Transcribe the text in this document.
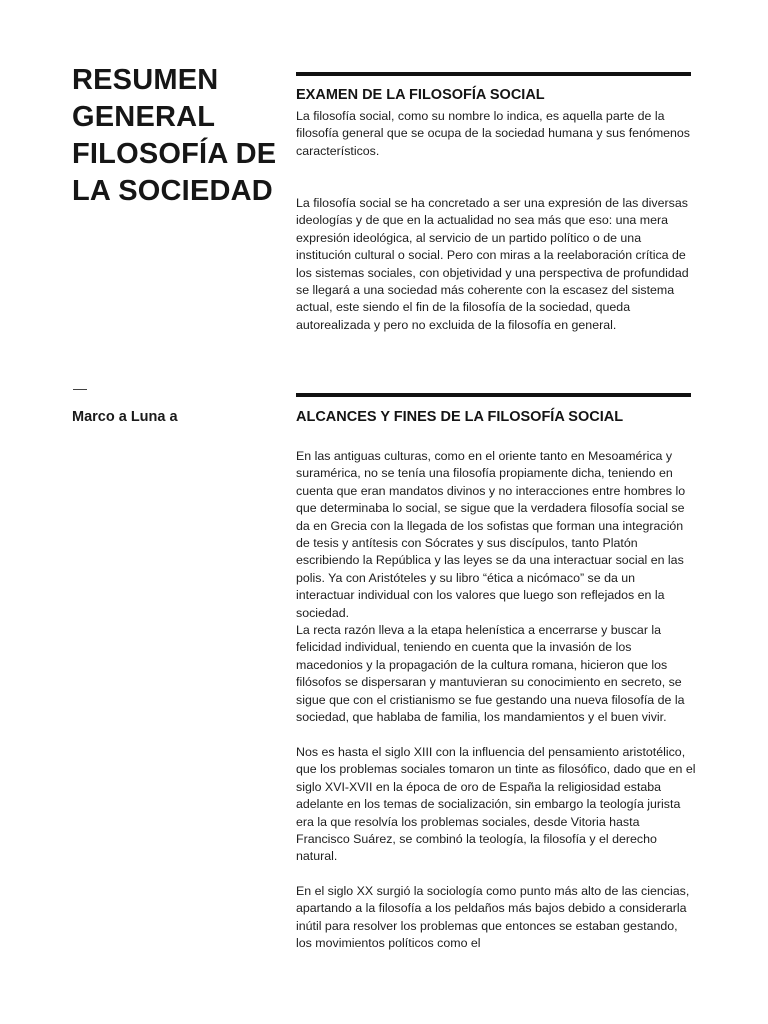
RESUMEN GENERAL FILOSOFÍA DE LA SOCIEDAD
—
Marco a Luna a
EXAMEN DE LA FILOSOFÍA SOCIAL

La filosofía social, como su nombre lo indica, es aquella parte de la filosofía general que se ocupa de la sociedad humana y sus fenómenos característicos.

La filosofía social se ha concretado a ser una expresión de las diversas ideologías y de que en la actualidad no sea más que eso: una mera expresión ideológica, al servicio de un partido político o de una institución cultural o social. Pero con miras a la reelaboración crítica de los sistemas sociales, con objetividad y una perspectiva de profundidad se llegará a una sociedad más coherente con la escasez del sistema actual, este siendo el fin de la filosofía de la sociedad, queda autorealizada y pero no excluida de la filosofía en general.

ALCANCES Y FINES DE LA FILOSOFÍA SOCIAL

En las antiguas culturas, como en el oriente tanto en Mesoamérica y suramérica, no se tenía una filosofía propiamente dicha, teniendo en cuenta que eran mandatos divinos y no interacciones entre hombres lo que determinaba lo social, se sigue que la verdadera filosofía social se da en Grecia con la llegada de los sofistas que forman una integración de tesis y antítesis con Sócrates y sus discípulos, tanto Platón escribiendo la República y las leyes se da una interactuar social en las polis. Ya con Aristóteles y su libro “ética a nicómaco” se da un interactuar individual con los valores que luego son reflejados en la sociedad.

La recta razón lleva a la etapa helenística a encerrarse y buscar la felicidad individual, teniendo en cuenta que la invasión de los macedonios y la propagación de la cultura romana, hicieron que los filósofos se dispersaran y mantuvieran su conocimiento en secreto, se sigue que con el cristianismo se fue gestando una nueva filosofía de la sociedad, que hablaba de familia, los mandamientos y el buen vivir.

Nos es hasta el siglo XIII con la influencia del pensamiento aristotélico, que los problemas sociales tomaron un tinte as filosófico, dado que en el siglo XVI-XVII en la época de oro de España la religiosidad estaba adelante en los temas de socialización, sin embargo la teología jurista era la que resolvía los problemas sociales, desde Vitoria hasta Francisco Suárez, se combinó la teología, la filosofía y el derecho natural.

En el siglo XX surgió la sociología como punto más alto de las ciencias, apartando a la filosofía a los peldaños más bajos debido a considerarla inútil para resolver los problemas que entonces se estaban gestando, los movimientos políticos como el
